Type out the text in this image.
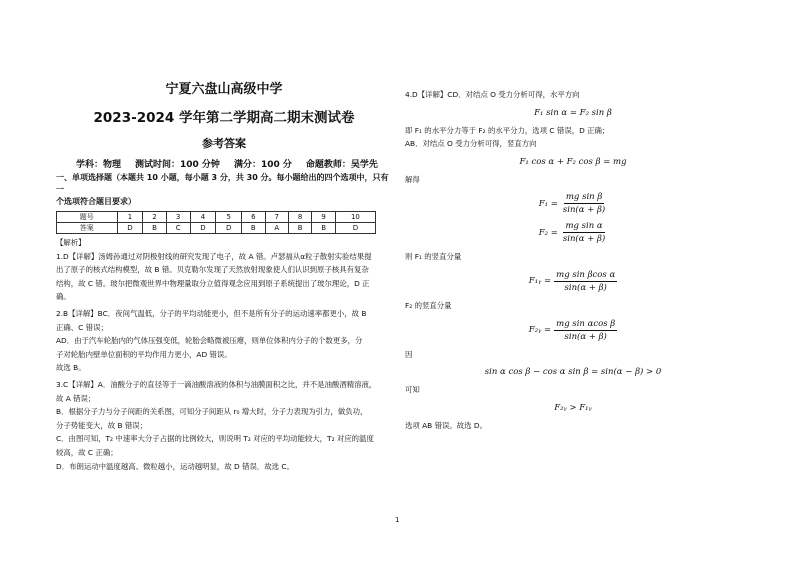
宁夏六盘山高级中学
2023-2024 学年第二学期高二期末测试卷
参考答案
学科：物理 测试时间：100 分钟 满分：100 分 命题教师：吴学先

一、单项选择题（本题共 10 小题，每小题 3 分，共 30 分。每小题给出的四个选项中，只有一

个选项符合题目要求）

题号	1	2	3	4	5	6	7	8	9	10
答案	D	B	C	D	D	B	A	B	B	D

【解析】

1.D【详解】汤姆孙通过对阴极射线的研究发现了电子，故 A 错。卢瑟福从α粒子散射实验结果提

出了原子的核式结构模型，故 B 错。贝克勒尔发现了天然放射现象使人们认识到原子核具有复杂

结构，故 C 错。玻尔把微观世界中物理量取分立值得观念应用到原子系统提出了玻尔理论，D 正

确。

2.B【详解】BC．夜间气温低，分子的平均动能更小，但不是所有分子的运动速率都更小，故 B

正确、C 错误；

AD．由于汽车轮胎内的气体压强变低，轮胎会略微被压瘪，则单位体积内分子的个数更多，分

子对轮胎内壁单位面积的平均作用力更小，AD 错误。

故选 B。

3.C【详解】A．油酸分子的直径等于一滴油酸溶液的体积与油膜面积之比，并不是油酸酒精溶液，

故 A 错误；

B．根据分子力与分子间距的关系图，可知分子间距从 r₀ 增大时，分子力表现为引力，做负功，

分子势能变大，故 B 错误；

C．由图可知，T₂ 中速率大分子占据的比例较大，则说明 T₂ 对应的平均动能较大，T₂ 对应的温度

较高，故 C 正确；

D．布朗运动中温度越高、微粒越小，运动越明显，故 D 错误．故选 C。

4.D【详解】CD．对结点 O 受力分析可得，水平方向

F₁ sin α = F₂ sin β

即 F₁ 的水平分力等于 F₂ 的水平分力，选项 C 错误，D 正确；

AB．对结点 O 受力分析可得，竖直方向

F₁ cos α + F₂ cos β = mg

解得

$F_1 = \frac{\text{mg sin β}}{\sin(\alpha + \beta)}$
$F_2 = \frac{\text{mg sin α}}{\sin(\alpha + \beta)}$

则 F₁ 的竖直分量

F₁ᵧ = $\frac{\text{mg sin βcos α}}{\sin(\alpha + \beta)}$

F₂ 的竖直分量

F₂ᵧ = $\frac{\text{mg sin αcos β}}{\sin(\alpha + \beta)}$

因

sin α cos β − cos α sin β = sin(α − β) > 0

可知

F₂ᵧ > F₁ᵧ

选项 AB 错误。故选 D。

1
